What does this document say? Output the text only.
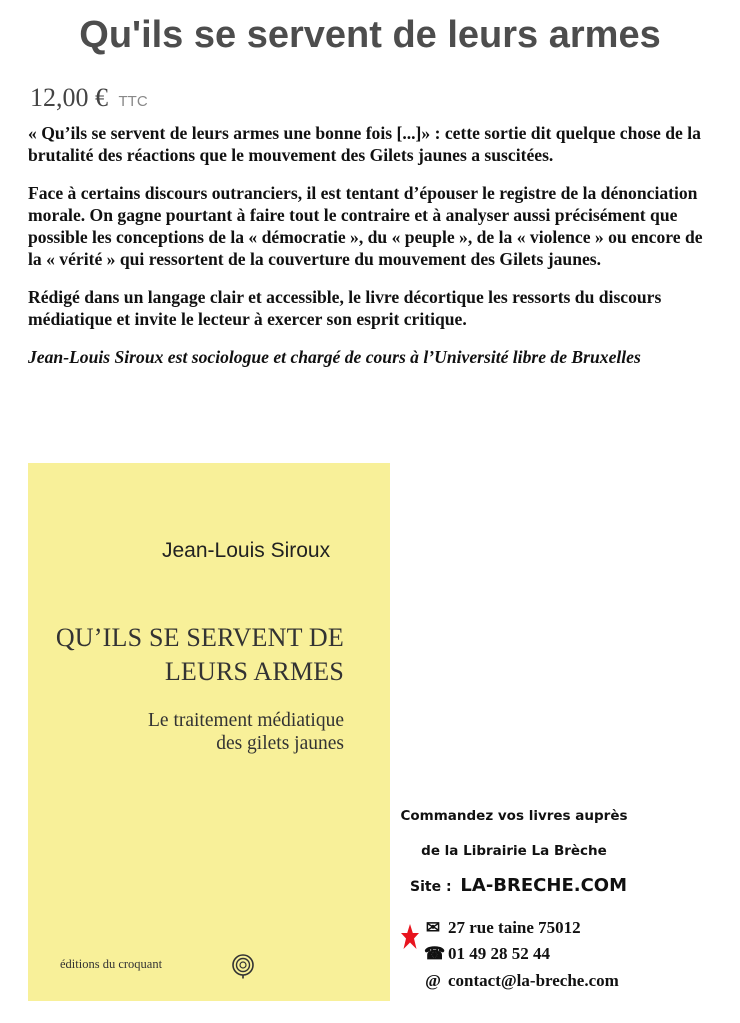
Qu'ils se servent de leurs armes
12,00 € TTC

« Qu’ils se servent de leurs armes une bonne fois [...]» : cette sortie dit quelque chose de la brutalité des réactions que le mouvement des Gilets jaunes a suscitées.

Face à certains discours outranciers, il est tentant d’épouser le registre de la dénonciation morale. On gagne pourtant à faire tout le contraire et à analyser aussi précisément que possible les conceptions de la « démocratie », du « peuple », de la « violence » ou encore de la « vérité » qui ressortent de la couverture du mouvement des Gilets jaunes.

Rédigé dans un langage clair et accessible, le livre décortique les ressorts du discours médiatique et invite le lecteur à exercer son esprit critique.

Jean-Louis Siroux est sociologue et chargé de cours à l’Université libre de Bruxelles

Jean-Louis Siroux
QU’ILS SE SERVENT DE
LEURS ARMES
Le traitement médiatique
des gilets jaunes
éditions du croquant
Commandez vos livres auprès
de la Librairie La Brèche
Site : LA-BRECHE.COM
✉ 27 rue taine 75012
☎ 01 49 28 52 44
@ contact@la-breche.com
